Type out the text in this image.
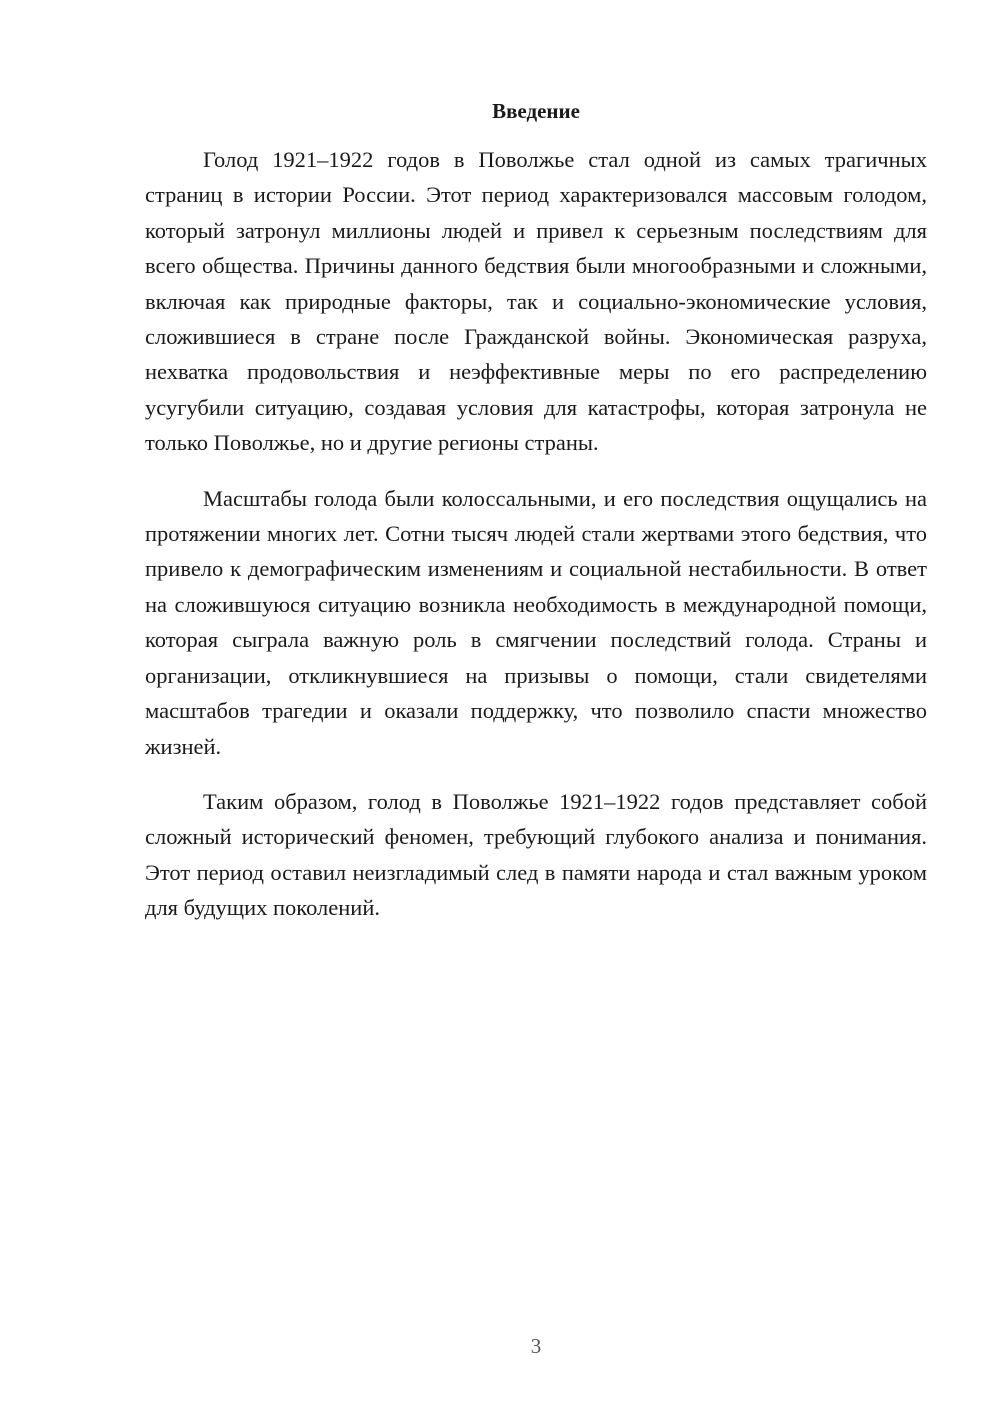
Введение

Голод 1921–1922 годов в Поволжье стал одной из самых трагичных страниц в истории России. Этот период характеризовался массовым голодом, который затронул миллионы людей и привел к серьезным последствиям для всего общества. Причины данного бедствия были многообразными и сложными, включая как природные факторы, так и социально-экономические условия, сложившиеся в стране после Гражданской войны. Экономическая разруха, нехватка продовольствия и неэффективные меры по его распределению усугубили ситуацию, создавая условия для катастрофы, которая затронула не только Поволжье, но и другие регионы страны.

Масштабы голода были колоссальными, и его последствия ощущались на протяжении многих лет. Сотни тысяч людей стали жертвами этого бедствия, что привело к демографическим изменениям и социальной нестабильности. В ответ на сложившуюся ситуацию возникла необходимость в международной помощи, которая сыграла важную роль в смягчении последствий голода. Страны и организации, откликнувшиеся на призывы о помощи, стали свидетелями масштабов трагедии и оказали поддержку, что позволило спасти множество жизней.

Таким образом, голод в Поволжье 1921–1922 годов представляет собой сложный исторический феномен, требующий глубокого анализа и понимания. Этот период оставил неизгладимый след в памяти народа и стал важным уроком для будущих поколений.

3
